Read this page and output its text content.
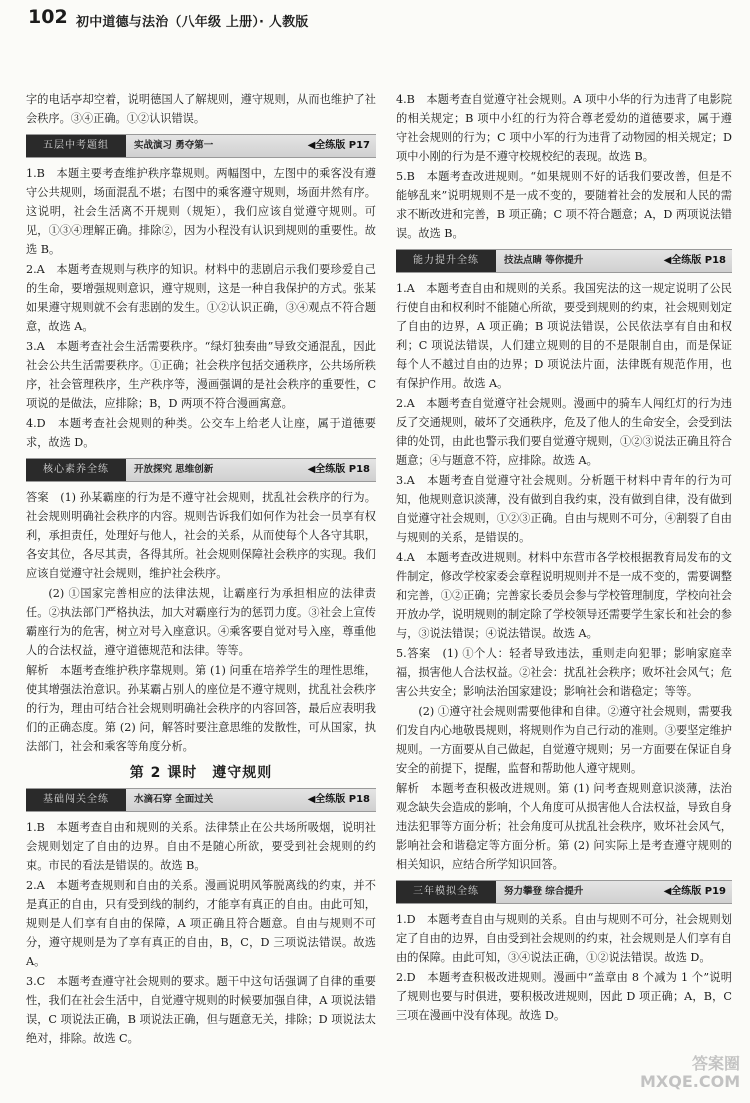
102 初中道德与法治（八年级 上册）· 人教版

字的电话亭却空着，说明德国人了解规则，遵守规则，从而也维护了社会秩序。③④正确。①②认识错误。

五层中考题组	实战演习 勇夺第一	◀全练版 P17

1.B　本题主要考查维护秩序靠规则。两幅图中，左图中的乘客没有遵守公共规则，场面混乱不堪；右图中的乘客遵守规则，场面井然有序。这说明，社会生活离不开规则（规矩），我们应该自觉遵守规则。可见，①③④理解正确。排除②，因为小程没有认识到规则的重要性。故选 B。

2.A　本题考查规则与秩序的知识。材料中的悲剧启示我们要珍爱自己的生命，要增强规则意识，遵守规则，这是一种自我保护的方式。张某如果遵守规则就不会有悲剧的发生。①②认识正确，③④观点不符合题意，故选 A。

3.A　本题考查社会生活需要秩序。“绿灯独奏曲”导致交通混乱，因此社会公共生活需要秩序。①正确；社会秩序包括交通秩序，公共场所秩序，社会管理秩序，生产秩序等，漫画强调的是社会秩序的重要性，C 项说的是做法，应排除；B，D 两项不符合漫画寓意。

4.D　本题考查社会规则的种类。公交车上给老人让座，属于道德要求，故选 D。

核心素养全练	开放探究 思维创新	◀全练版 P18

答案　(1) 孙某霸座的行为是不遵守社会规则，扰乱社会秩序的行为。社会规则明确社会秩序的内容。规则告诉我们如何作为社会一员享有权利，承担责任，处理好与他人，社会的关系，从而使每个人各守其职，各安其位，各尽其责，各得其所。社会规则保障社会秩序的实现。我们应该自觉遵守社会规则，维护社会秩序。

(2) ①国家完善相应的法律法规，让霸座行为承担相应的法律责任。②执法部门严格执法，加大对霸座行为的惩罚力度。③社会上宣传霸座行为的危害，树立对号入座意识。④乘客要自觉对号入座，尊重他人的合法权益，遵守道德规范和法律。等等。

解析　本题考查维护秩序靠规则。第 (1) 问重在培养学生的理性思维，使其增强法治意识。孙某霸占别人的座位是不遵守规则，扰乱社会秩序的行为，理由可结合社会规则明确社会秩序的内容回答，最后应表明我们的正确态度。第 (2) 问，解答时要注意思维的发散性，可从国家，执法部门，社会和乘客等角度分析。

第 2 课时　遵守规则
基础闯关全练	水滴石穿 全面过关	◀全练版 P18

1.B　本题考查自由和规则的关系。法律禁止在公共场所吸烟，说明社会规则划定了自由的边界。自由不是随心所欲，要受到社会规则的约束。市民的看法是错误的。故选 B。

2.A　本题考查规则和自由的关系。漫画说明风筝脱离线的约束，并不是真正的自由，只有受到线的制约，才能享有真正的自由。由此可知，规则是人们享有自由的保障，A 项正确且符合题意。自由与规则不可分，遵守规则是为了享有真正的自由，B，C，D 三项说法错误。故选 A。

3.C　本题考查遵守社会规则的要求。题干中这句话强调了自律的重要性，我们在社会生活中，自觉遵守规则的时候要加强自律，A 项说法错误，C 项说法正确，B 项说法正确，但与题意无关，排除；D 项说法太绝对，排除。故选 C。

4.B　本题考查自觉遵守社会规则。A 项中小华的行为违背了电影院的相关规定；B 项中小红的行为符合尊老爱幼的道德要求，属于遵守社会规则的行为；C 项中小军的行为违背了动物园的相关规定；D 项中小刚的行为是不遵守校规校纪的表现。故选 B。

5.B　本题考查改进规则。“如果规则不好的话我们要改善，但是不能够乱来”说明规则不是一成不变的，要随着社会的发展和人民的需求不断改进和完善，B 项正确；C 项不符合题意；A，D 两项说法错误。故选 B。

能力提升全练	技法点睛 等你提升	◀全练版 P18

1.A　本题考查自由和规则的关系。我国宪法的这一规定说明了公民行使自由和权利时不能随心所欲，要受到规则的约束，社会规则划定了自由的边界，A 项正确；B 项说法错误，公民依法享有自由和权利；C 项说法错误，人们建立规则的目的不是限制自由，而是保证每个人不越过自由的边界；D 项说法片面，法律既有规范作用，也有保护作用。故选 A。

2.A　本题考查自觉遵守社会规则。漫画中的骑车人闯红灯的行为违反了交通规则，破坏了交通秩序，危及了他人的生命安全，会受到法律的处罚，由此也警示我们要自觉遵守规则，①②③说法正确且符合题意；④与题意不符，应排除。故选 A。

3.A　本题考查自觉遵守社会规则。分析题干材料中青年的行为可知，他规则意识淡薄，没有做到自我约束，没有做到自律，没有做到自觉遵守社会规则，①②③正确。自由与规则不可分，④割裂了自由与规则的关系，是错误的。

4.A　本题考查改进规则。材料中东营市各学校根据教育局发布的文件制定，修改学校家委会章程说明规则并不是一成不变的，需要调整和完善，①②正确；完善家长委员会参与学校管理制度，学校向社会开放办学，说明规则的制定除了学校领导还需要学生家长和社会的参与，③说法错误；④说法错误。故选 A。

5.答案　(1) ①个人：轻者导致违法，重则走向犯罪；影响家庭幸福，损害他人合法权益。②社会：扰乱社会秩序；败坏社会风气；危害公共安全；影响法治国家建设；影响社会和谐稳定；等等。

(2) ①遵守社会规则需要他律和自律。②遵守社会规则，需要我们发自内心地敬畏规则，将规则作为自己行动的准则。③要坚定维护规则。一方面要从自己做起，自觉遵守规则；另一方面要在保证自身安全的前提下，提醒，监督和帮助他人遵守规则。

解析　本题考查积极改进规则。第 (1) 问考查规则意识淡薄，法治观念缺失会造成的影响，个人角度可从损害他人合法权益，导致自身违法犯罪等方面分析；社会角度可从扰乱社会秩序，败坏社会风气，影响社会和谐稳定等方面分析。第 (2) 问实际上是考查遵守规则的相关知识，应结合所学知识回答。

三年模拟全练	努力攀登 综合提升	◀全练版 P19

1.D　本题考查自由与规则的关系。自由与规则不可分，社会规则划定了自由的边界，自由受到社会规则的约束，社会规则是人们享有自由的保障。由此可知，③④说法正确，①②说法错误。故选 D。

2.D　本题考查积极改进规则。漫画中“盖章由 8 个减为 1 个”说明了规则也要与时俱进，要积极改进规则，因此 D 项正确；A，B，C 三项在漫画中没有体现。故选 D。

答案圈
MXQE.COM
